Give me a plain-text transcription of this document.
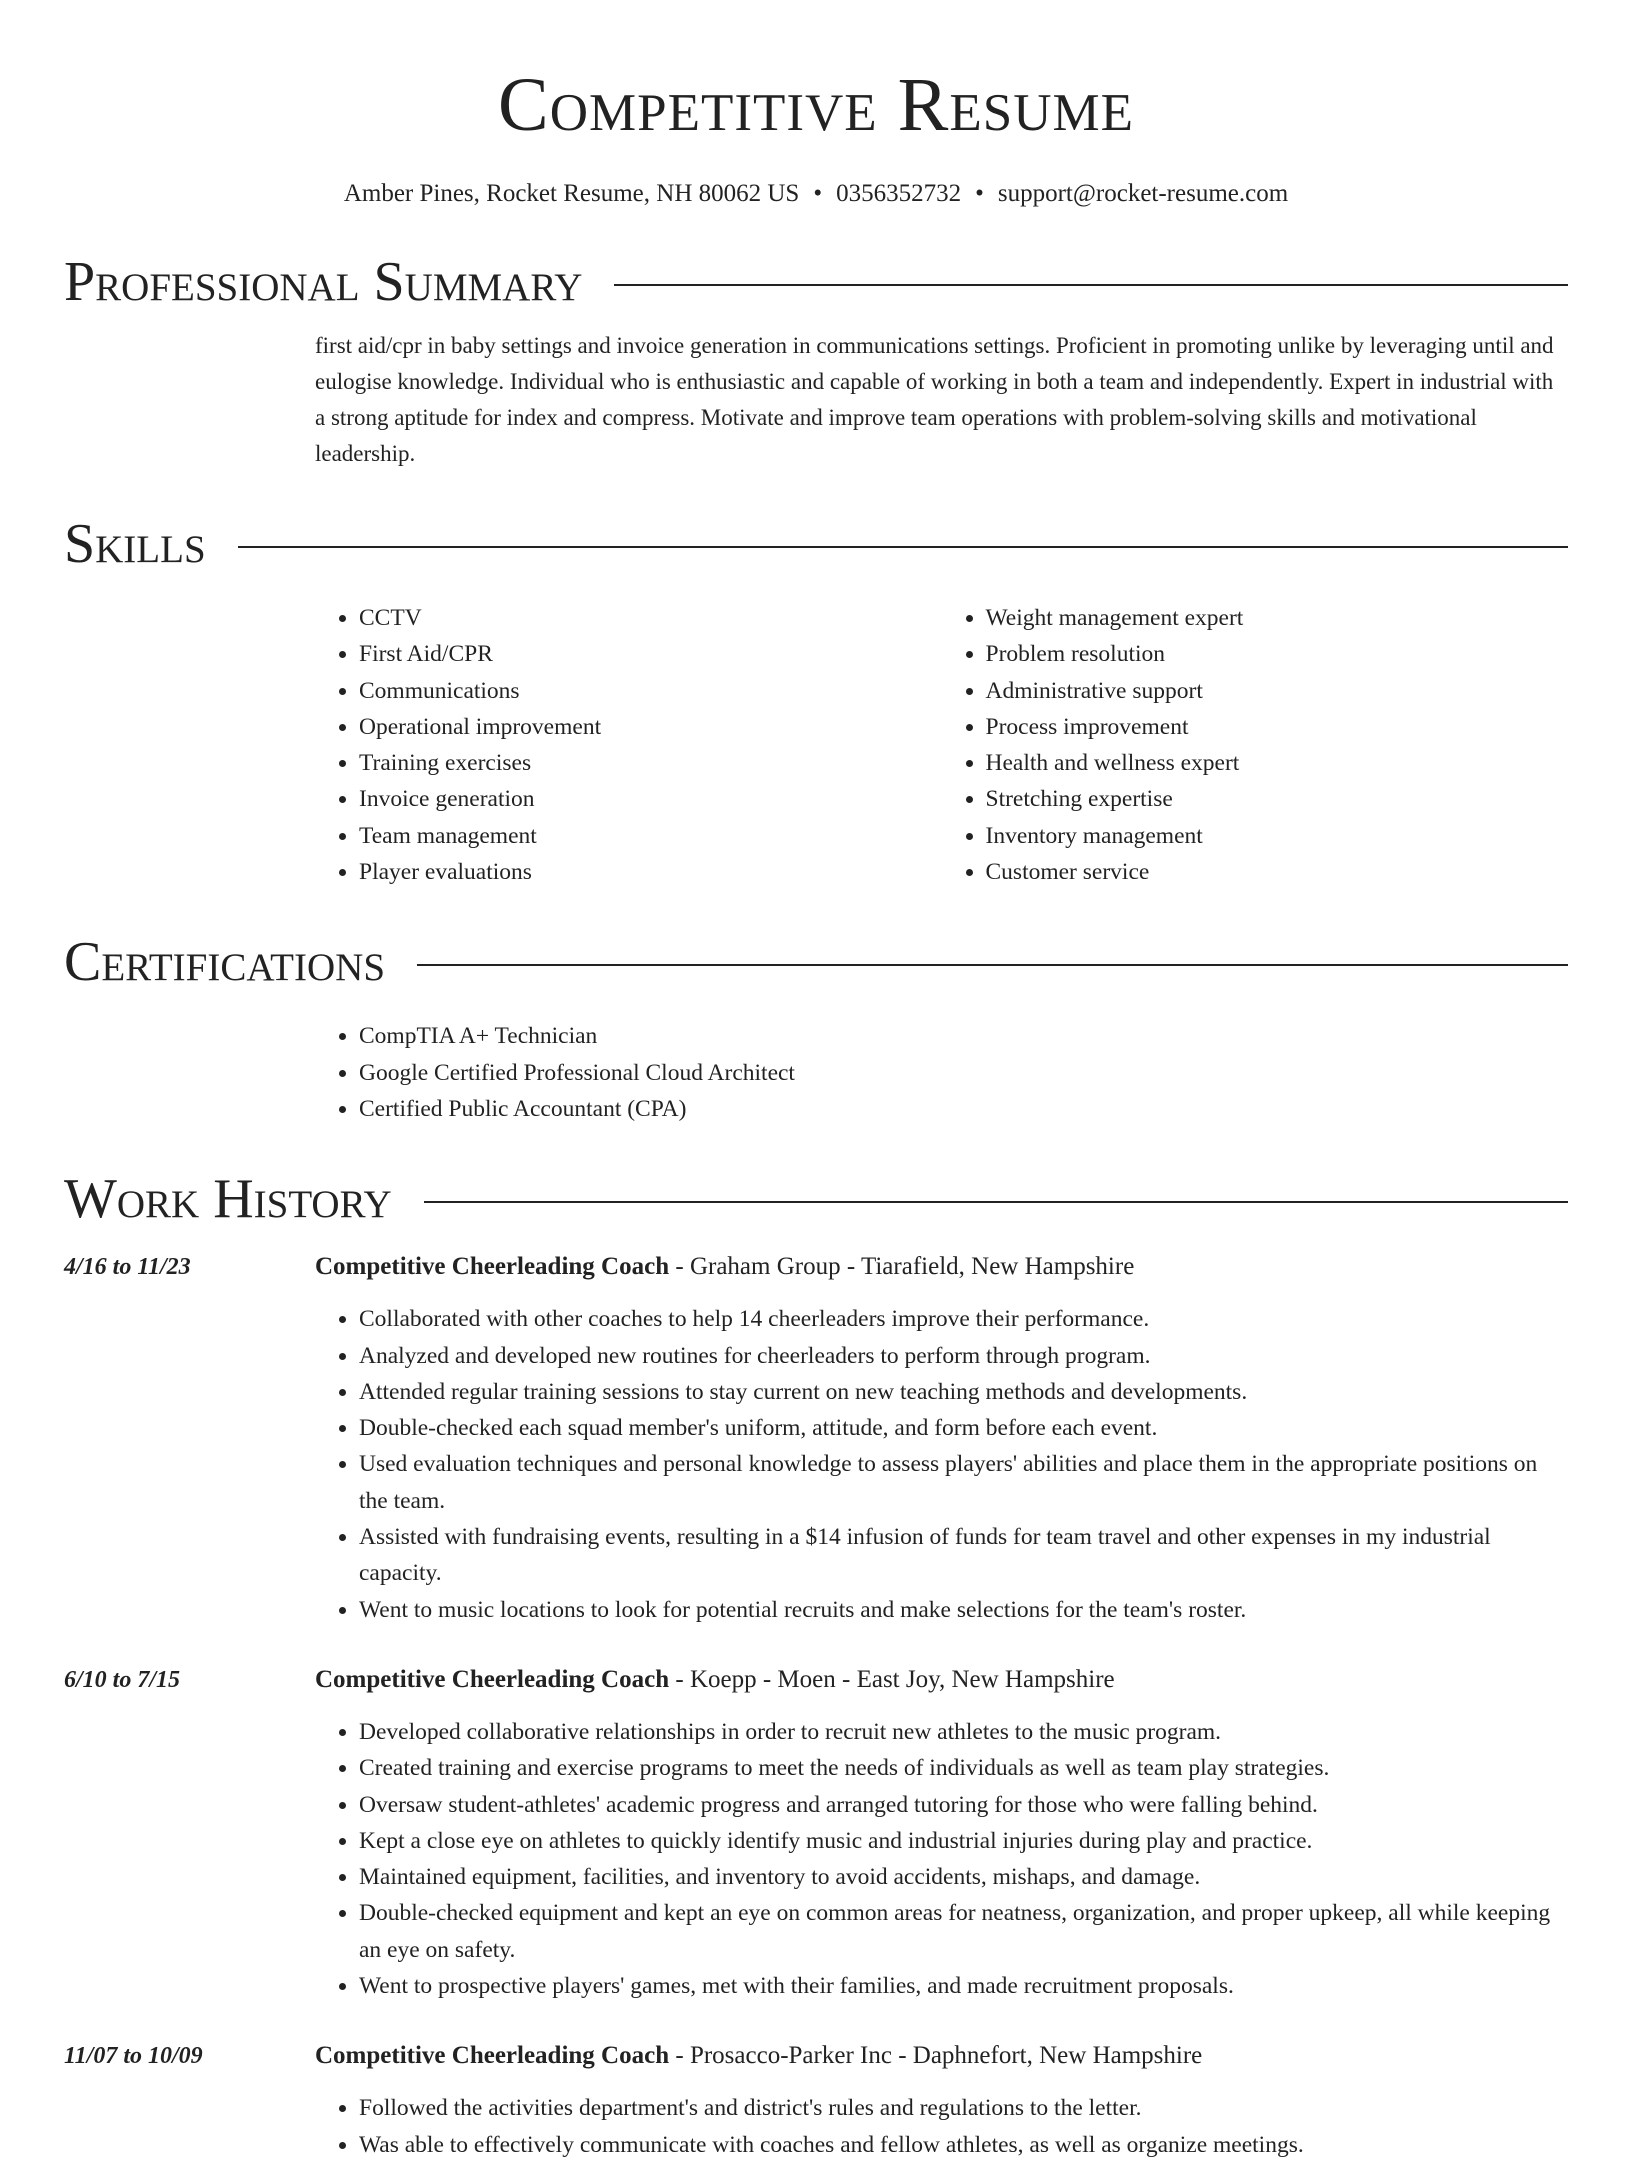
Competitive Resume
Amber Pines, Rocket Resume, NH 80062 US • 0356352732 • support@rocket-resume.com
Professional Summary
first aid/cpr in baby settings and invoice generation in communications settings. Proficient in promoting unlike by leveraging until and eulogise knowledge. Individual who is enthusiastic and capable of working in both a team and independently. Expert in industrial with a strong aptitude for index and compress. Motivate and improve team operations with problem-solving skills and motivational leadership.
Skills
• CCTV
• First Aid/CPR
• Communications
• Operational improvement
• Training exercises
• Invoice generation
• Team management
• Player evaluations
• Weight management expert
• Problem resolution
• Administrative support
• Process improvement
• Health and wellness expert
• Stretching expertise
• Inventory management
• Customer service
Certifications
• CompTIA A+ Technician
• Google Certified Professional Cloud Architect
• Certified Public Accountant (CPA)
Work History
4/16 to 11/23	Competitive Cheerleading Coach - Graham Group - Tiarafield, New Hampshire
• Collaborated with other coaches to help 14 cheerleaders improve their performance.
• Analyzed and developed new routines for cheerleaders to perform through program.
• Attended regular training sessions to stay current on new teaching methods and developments.
• Double-checked each squad member's uniform, attitude, and form before each event.
• Used evaluation techniques and personal knowledge to assess players' abilities and place them in the appropriate positions on the team.
• Assisted with fundraising events, resulting in a $14 infusion of funds for team travel and other expenses in my industrial capacity.
• Went to music locations to look for potential recruits and make selections for the team's roster.
6/10 to 7/15	Competitive Cheerleading Coach - Koepp - Moen - East Joy, New Hampshire
• Developed collaborative relationships in order to recruit new athletes to the music program.
• Created training and exercise programs to meet the needs of individuals as well as team play strategies.
• Oversaw student-athletes' academic progress and arranged tutoring for those who were falling behind.
• Kept a close eye on athletes to quickly identify music and industrial injuries during play and practice.
• Maintained equipment, facilities, and inventory to avoid accidents, mishaps, and damage.
• Double-checked equipment and kept an eye on common areas for neatness, organization, and proper upkeep, all while keeping an eye on safety.
• Went to prospective players' games, met with their families, and made recruitment proposals.
11/07 to 10/09	Competitive Cheerleading Coach - Prosacco-Parker Inc - Daphnefort, New Hampshire
• Followed the activities department's and district's rules and regulations to the letter.
• Was able to effectively communicate with coaches and fellow athletes, as well as organize meetings.
